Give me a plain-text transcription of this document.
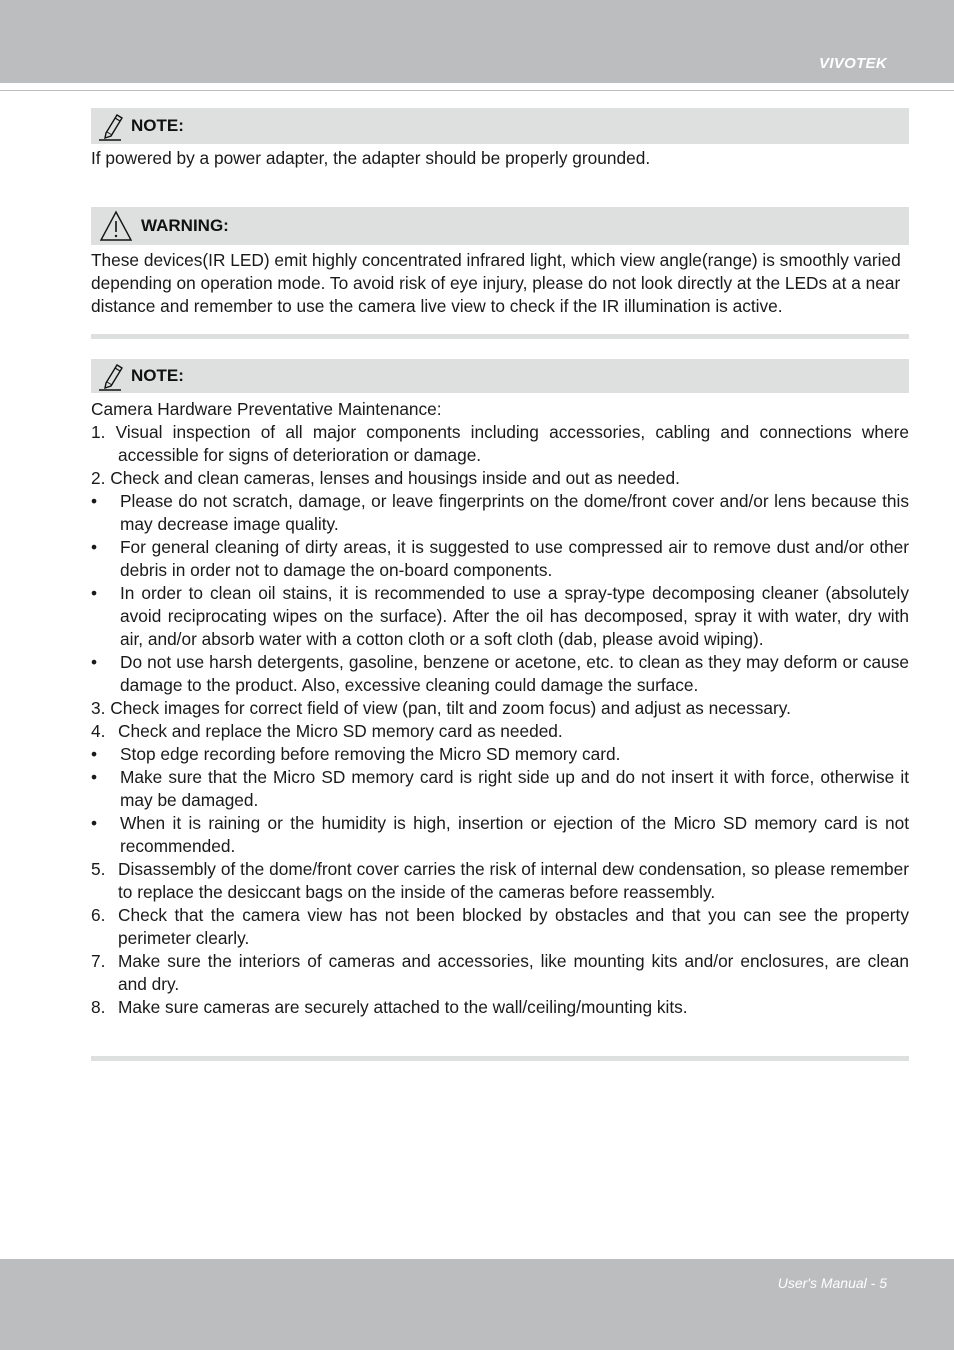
VIVOTEK
NOTE:

If powered by a power adapter, the adapter should be properly grounded.

WARNING:

These devices(IR LED) emit highly concentrated infrared light, which view angle(range) is smoothly varied depending on operation mode. To avoid risk of eye injury, please do not look directly at the LEDs at a near distance and remember to use the camera live view to check if the IR illumination is active.

NOTE:

Camera Hardware Preventative Maintenance:

1. Visual inspection of all major components including accessories, cabling and connections where accessible for signs of deterioration or damage.
2. Check and clean cameras, lenses and housings inside and out as needed.
•	Please do not scratch, damage, or leave fingerprints on the dome/front cover and/or lens because this may decrease image quality.
•	For general cleaning of dirty areas, it is suggested to use compressed air to remove dust and/or other debris in order not to damage the on-board components.
•	In order to clean oil stains, it is recommended to use a spray-type decomposing cleaner (absolutely avoid reciprocating wipes on the surface). After the oil has decomposed, spray it with water, dry with air, and/or absorb water with a cotton cloth or a soft cloth (dab, please avoid wiping).
•	Do not use harsh detergents, gasoline, benzene or acetone, etc. to clean as they may deform or cause damage to the product. Also, excessive cleaning could damage the surface.
3. Check images for correct field of view (pan, tilt and zoom focus) and adjust as necessary.
4. Check and replace the Micro SD memory card as needed.
•	Stop edge recording before removing the Micro SD memory card.
•	Make sure that the Micro SD memory card is right side up and do not insert it with force, otherwise it may be damaged.
•	When it is raining or the humidity is high, insertion or ejection of the Micro SD memory card is not recommended.
5. Disassembly of the dome/front cover carries the risk of internal dew condensation, so please remember to replace the desiccant bags on the inside of the cameras before reassembly.
6. Check that the camera view has not been blocked by obstacles and that you can see the property perimeter clearly.
7. Make sure the interiors of cameras and accessories, like mounting kits and/or enclosures, are clean and dry.
8. Make sure cameras are securely attached to the wall/ceiling/mounting kits.
User's Manual - 5
